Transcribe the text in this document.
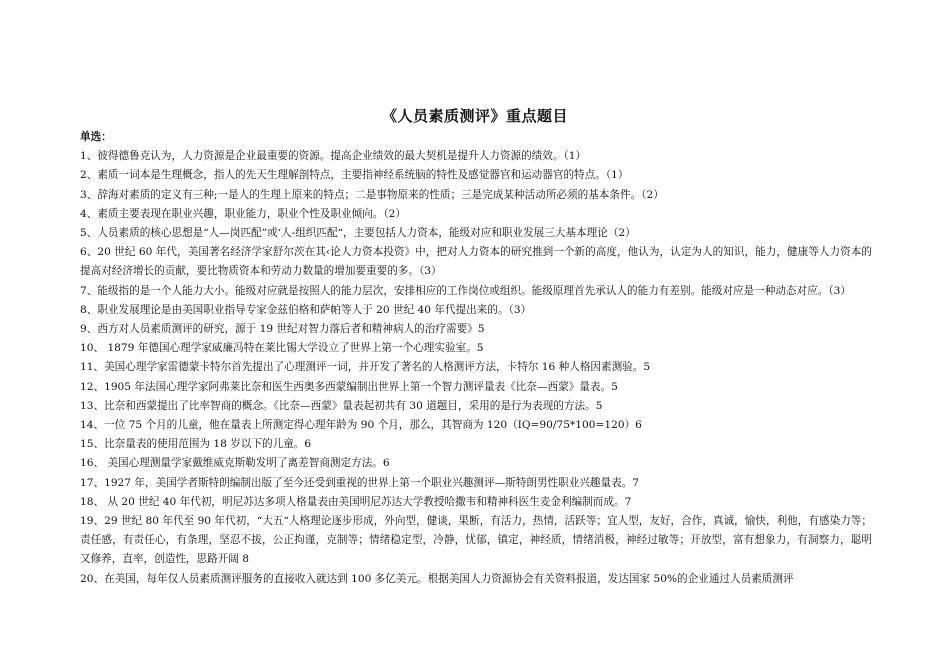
《人员素质测评》重点题目
单选：

1、彼得德鲁克认为，人力资源是企业最重要的资源。提高企业绩效的最大契机是提升人力资源的绩效。（1）

2、素质一词本是生理概念，指人的先天生理解剖特点，主要指神经系统脑的特性及感觉器官和运动器官的特点。（1）

3、辞海对素质的定义有三种;一是人的生理上原来的特点；二是事物原来的性质；三是完成某种活动所必须的基本条件。（2）

4、素质主要表现在职业兴趣，职业能力，职业个性及职业倾向。（2）

5、人员素质的核心思想是“人—岗匹配”或‘人-组织匹配“，主要包括人力资本，能级对应和职业发展三大基本理论（2）

6、20 世纪 60 年代，美国著名经济学家舒尔茨在其‹论人力资本投资》中，把对人力资本的研究推到一个新的高度，他认为，认定为人的知识，能力，健康等人力资本的提高对经济增长的贡献，要比物质资本和劳动力数量的增加要重要的多。（3）

7、能级指的是一个人能力大小。能级对应就是按照人的能力层次，安排相应的工作岗位或组织。能级原理首先承认人的能力有差别。能级对应是一种动态对应。（3）

8、职业发展理论是由美国职业指导专家金兹伯格和萨帕等人于 20 世纪 40 年代提出来的。（3）

9、西方对人员素质测评的研究，源于 19 世纪对智力落后者和精神病人的治疗需要》5

10、 1879 年德国心理学家威廉冯特在莱比锡大学设立了世界上第一个心理实验室。5

11、美国心理学家雷德蒙卡特尔首先提出了心理测评一词，并开发了著名的人格测评方法，卡特尔 16 种人格因素测验。5

12、1905 年法国心理学家阿弗莱比奈和医生西奥多西蒙编制出世界上第一个智力测评量表《比奈—西蒙》量表。5

13、比奈和西蒙提出了比率智商的概念。《比奈—西蒙》量表起初共有 30 道题目，采用的是行为表现的方法。5

14、一位 75 个月的儿童，他在量表上所测定得心理年龄为 90 个月，那么，其智商为 120（IQ=90/75*100=120）6

15、比奈量表的使用范围为 18 岁以下的儿童。6

16、 美国心理测量学家戴维威克斯勒发明了离差智商测定方法。6

17、1927 年，美国学者斯特朗编制出版了至今还受到重视的世界上第一个职业兴趣测评—斯特朗男性职业兴趣量表。7

18、 从 20 世纪 40 年代初，明尼苏达多项人格量表由美国明尼苏达大学教授哈撒韦和精神科医生麦金利编制而成。7

19、29 世纪 80 年代至 90 年代初，“大五“人格理论逐步形成，外向型，健谈，果断，有活力，热情，活跃等；宜人型，友好，合作，真诚，愉快，利他，有感染力等；责任感，有责任心，有条理，坚忍不拔，公正拘谨，克制等；情绪稳定型，冷静，忧郁，镇定，神经质，情绪消极，神经过敏等；开放型，富有想象力，有洞察力，聪明又修养，直率，创造性，思路开阔 8

20、在美国，每年仅人员素质测评服务的直接收入就达到 100 多亿美元。根据美国人力资源协会有关资料报道，发达国家 50%的企业通过人员素质测评
